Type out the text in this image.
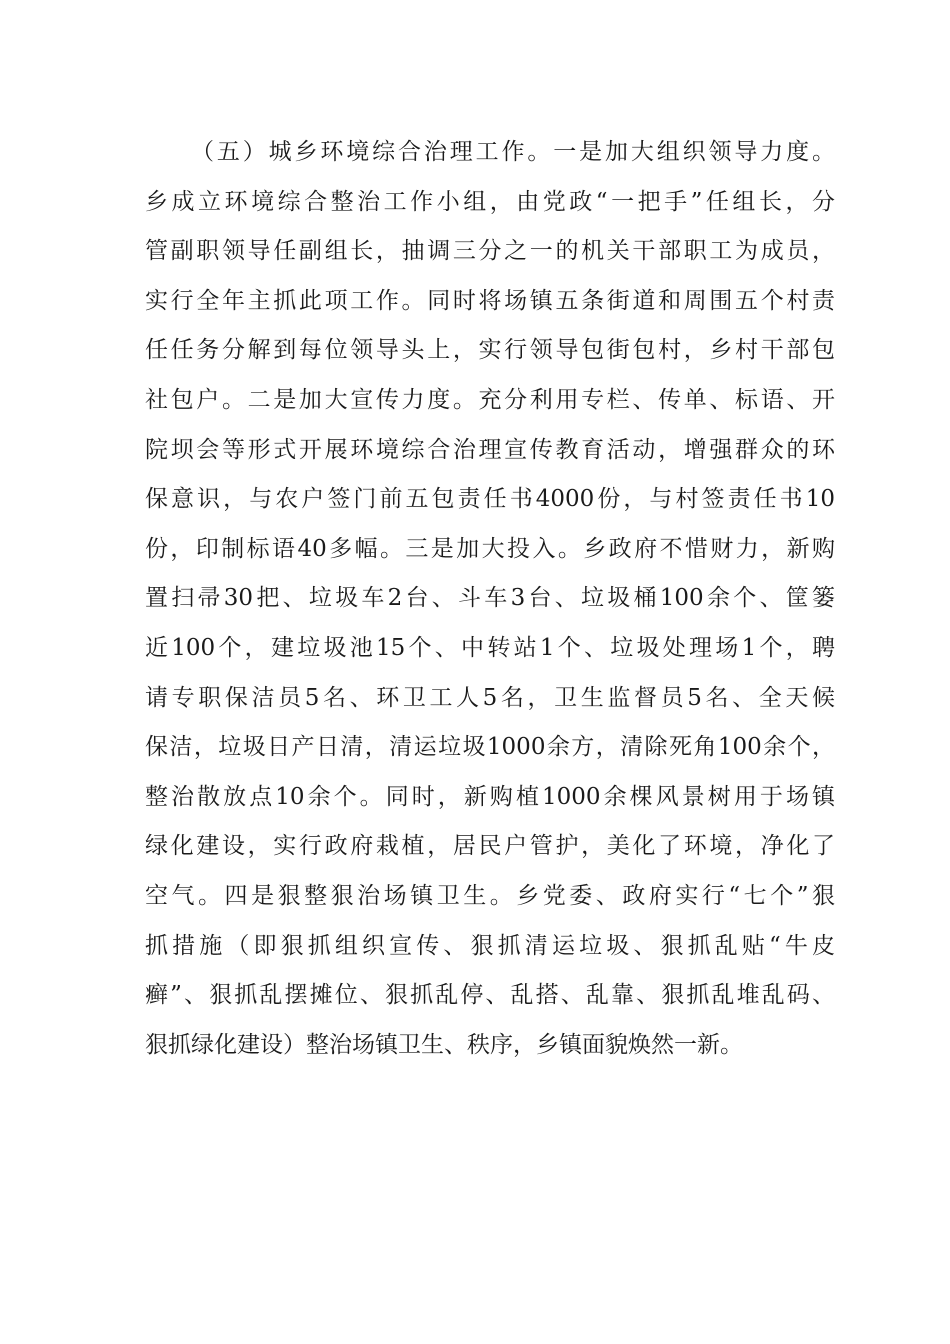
（五）城乡环境综合治理工作。一是加大组织领导力度。
乡成立环境综合整治工作小组，由党政“一把手”任组长，分
管副职领导任副组长，抽调三分之一的机关干部职工为成员，
实行全年主抓此项工作。同时将场镇五条街道和周围五个村责
任任务分解到每位领导头上，实行领导包街包村，乡村干部包
社包户。二是加大宣传力度。充分利用专栏、传单、标语、开
院坝会等形式开展环境综合治理宣传教育活动，增强群众的环
保意识，与农户签门前五包责任书4000份，与村签责任书10
份，印制标语40多幅。三是加大投入。乡政府不惜财力，新购
置扫帚30把、垃圾车2台、斗车3台、垃圾桶100余个、筐篓
近100个，建垃圾池15个、中转站1个、垃圾处理场1个，聘
请专职保洁员5名、环卫工人5名，卫生监督员5名、全天候
保洁，垃圾日产日清，清运垃圾1000余方，清除死角100余个，
整治散放点10余个。同时，新购植1000余棵风景树用于场镇
绿化建设，实行政府栽植，居民户管护，美化了环境，净化了
空气。四是狠整狠治场镇卫生。乡党委、政府实行“七个”狠
抓措施（即狠抓组织宣传、狠抓清运垃圾、狠抓乱贴“牛皮
癣”、狠抓乱摆摊位、狠抓乱停、乱搭、乱靠、狠抓乱堆乱码、
狠抓绿化建设）整治场镇卫生、秩序，乡镇面貌焕然一新。
